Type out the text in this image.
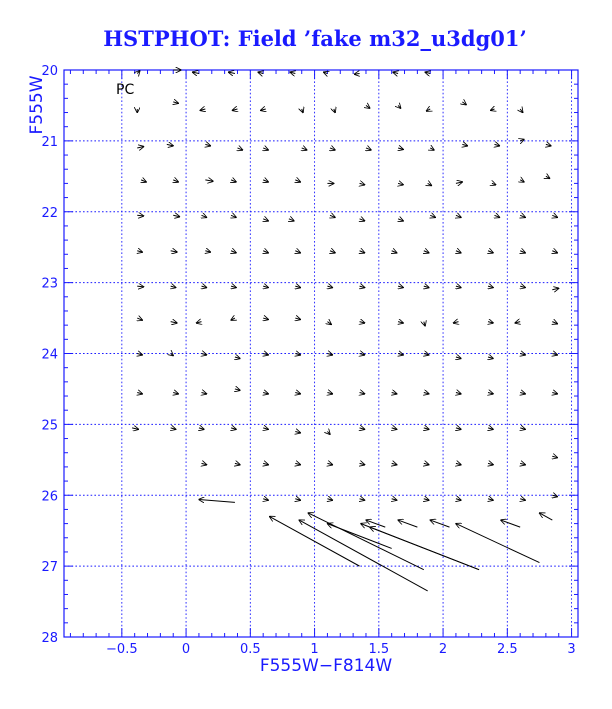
HSTPHOT: Field ’fake m32_u3dg01’
−0.5	0	0.5	1	1.5	2	2.5	3
20
21
22
23
24
25
26
27
28
PC
F555W−F814W
F555W
